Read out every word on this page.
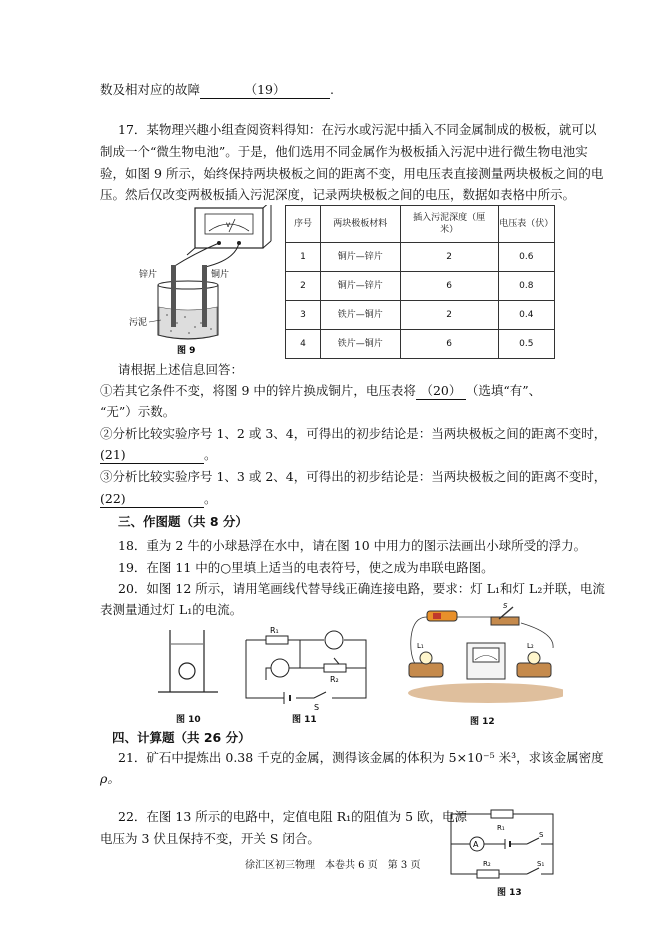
数及相对应的故障	（19）	.
17．某物理兴趣小组查阅资料得知：在污水或污泥中插入不同金属制成的极板，就可以
制成一个“微生物电池”。于是，他们选用不同金属作为极板插入污泥中进行微生物电池实
验，如图 9 所示，始终保持两块极板之间的距离不变，用电压表直接测量两块极板之间的电
压。然后仅改变两极板插入污泥深度，记录两块极板之间的电压，数据如表格中所示。
V
锌片	铜片
污泥
图 9
序号	两块极板材料	插入污泥深度（厘米）	电压表（伏）
1	铜片—锌片	2	0.6
2	铜片—锌片	6	0.8
3	铁片—铜片	2	0.4
4	铁片—铜片	6	0.5
请根据上述信息回答：
①若其它条件不变，将图 9 中的锌片换成铜片，电压表将 （20） （选填“有”、
“无”）示数。
②分析比较实验序号 1、2 或 3、4，可得出的初步结论是：当两块极板之间的距离不变时，
(21)	。
③分析比较实验序号 1、3 或 2、4，可得出的初步结论是：当两块极板之间的距离不变时，
(22)	。
三、作图题（共 8 分）
18．重为 2 牛的小球悬浮在水中，请在图 10 中用力的图示法画出小球所受的浮力。
19．在图 11 中的○里填上适当的电表符号，使之成为串联电路图。
20．如图 12 所示，请用笔画线代替导线正确连接电路，要求：灯 L₁和灯 L₂并联，电流
表测量通过灯 L₁的电流。
图 10
R₁
R₂
S
图 11
S
L₁	L₂
图 12
四、计算题（共 26 分）
21．矿石中提炼出 0.38 千克的金属，测得该金属的体积为 5×10⁻⁵ 米³，求该金属密度
ρ。
22．在图 13 所示的电路中，定值电阻 R₁的阻值为 5 欧，电源
电压为 3 伏且保持不变，开关 S 闭合。
R₁
A
S
R₂	S₁
图 13
徐汇区初三物理　本卷共 6 页　第 3 页
